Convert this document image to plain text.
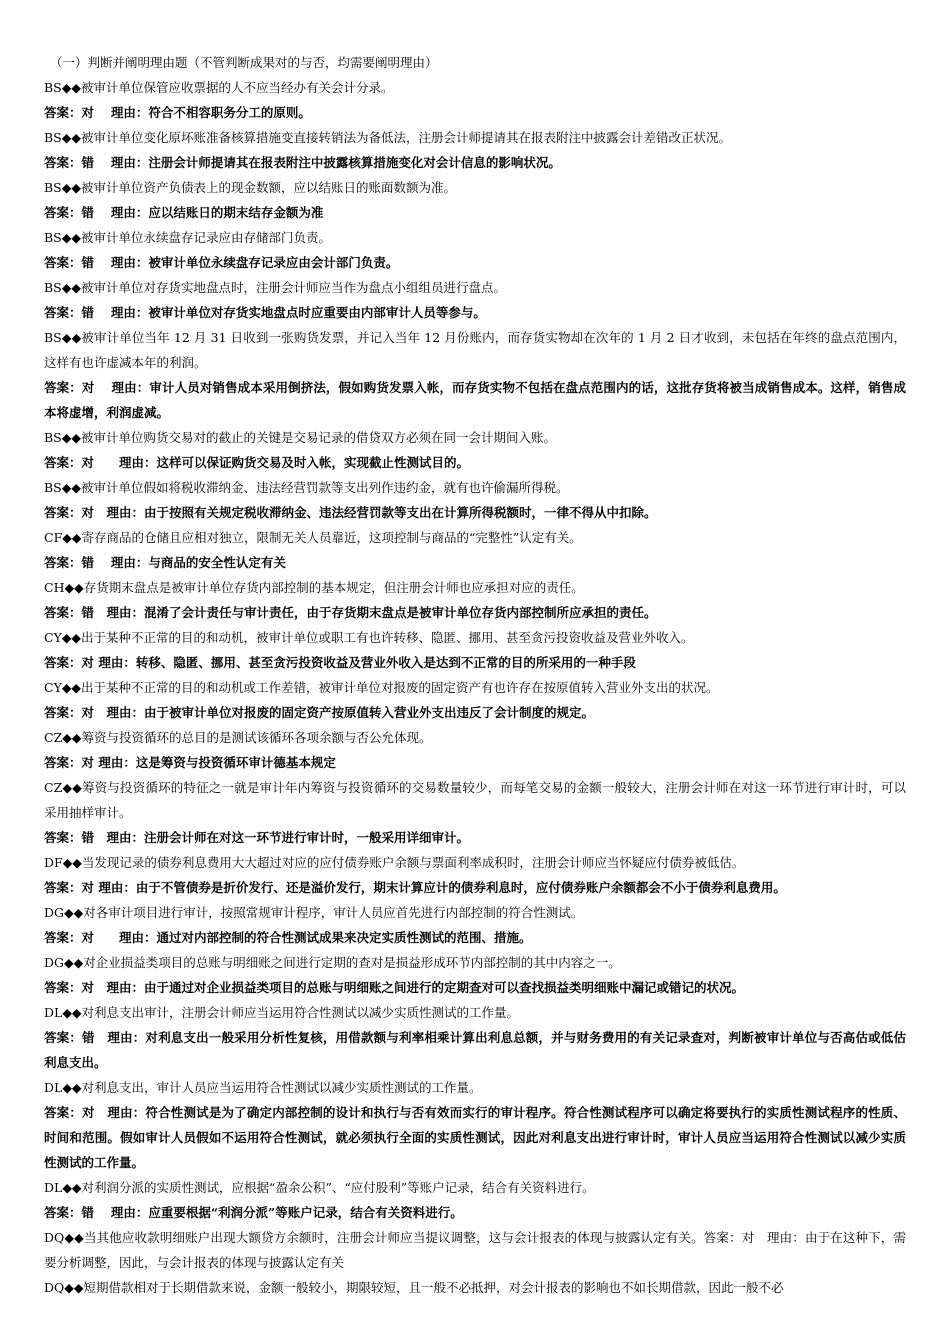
（一）判断并阐明理由题（不管判断成果对的与否，均需要阐明理由）

BS◆◆被审计单位保管应收票据的人不应当经办有关会计分录。

答案：对　 理由：符合不相容职务分工的原则。

BS◆◆被审计单位变化原坏账准备核算措施变直接转销法为备低法，注册会计师提请其在报表附注中披露会计差错改正状况。

答案：错　 理由：注册会计师提请其在报表附注中披露核算措施变化对会计信息的影响状况。

BS◆◆被审计单位资产负债表上的现金数额，应以结账日的账面数额为准。

答案：错　 理由：应以结账日的期末结存金额为准

BS◆◆被审计单位永续盘存记录应由存储部门负责。

答案：错　 理由：被审计单位永续盘存记录应由会计部门负责。

BS◆◆被审计单位对存货实地盘点时，注册会计师应当作为盘点小组组员进行盘点。

答案：错　 理由：被审计单位对存货实地盘点时应重要由内部审计人员等参与。

BS◆◆被审计单位当年 12 月 31 日收到一张购货发票，并记入当年 12 月份账内，而存货实物却在次年的 1 月 2 日才收到，未包括在年终的盘点范围内，这样有也许虚减本年的利润。

答案：对　 理由：审计人员对销售成本采用倒挤法，假如购货发票入帐，而存货实物不包括在盘点范围内的话，这批存货将被当成销售成本。这样，销售成本将虚增，利润虚减。

BS◆◆被审计单位购货交易对的截止的关键是交易记录的借贷双方必须在同一会计期间入账。

答案：对　　理由：这样可以保证购货交易及时入帐，实现截止性测试目的。

BS◆◆被审计单位假如将税收滞纳金、违法经营罚款等支出列作违约金，就有也许偷漏所得税。

答案：对　理由：由于按照有关规定税收滞纳金、违法经营罚款等支出在计算所得税额时，一律不得从中扣除。

CF◆◆寄存商品的仓储且应相对独立，限制无关人员靠近，这项控制与商品的“完整性”认定有关。

答案：错　 理由：与商品的安全性认定有关

CH◆◆存货期末盘点是被审计单位存货内部控制的基本规定，但注册会计师也应承担对应的责任。

答案：错　理由：混淆了会计责任与审计责任，由于存货期末盘点是被审计单位存货内部控制所应承担的责任。

CY◆◆出于某种不正常的目的和动机，被审计单位或职工有也许转移、隐匿、挪用、甚至贪污投资收益及营业外收入。

答案：对 理由：转移、隐匿、挪用、甚至贪污投资收益及营业外收入是达到不正常的目的所采用的一种手段

CY◆◆出于某种不正常的目的和动机或工作差错，被审计单位对报废的固定资产有也许存在按原值转入营业外支出的状况。

答案：对　理由：由于被审计单位对报废的固定资产按原值转入营业外支出违反了会计制度的规定。

CZ◆◆筹资与投资循环的总目的是测试该循环各项余额与否公允体现。

答案：对 理由：这是筹资与投资循环审计德基本规定

CZ◆◆筹资与投资循环的特征之一就是审计年内筹资与投资循环的交易数量较少，而每笔交易的金额一般较大，注册会计师在对这一环节进行审计时，可以采用抽样审计。

答案：错　理由：注册会计师在对这一环节进行审计时，一般采用详细审计。

DF◆◆当发现记录的债券利息费用大大超过对应的应付债券账户余额与票面利率成积时，注册会计师应当怀疑应付债券被低估。

答案：对 理由：由于不管债券是折价发行、还是溢价发行，期末计算应计的债券利息时，应付债券账户余额都会不小于债券利息费用。

DG◆◆对各审计项目进行审计，按照常规审计程序，审计人员应首先进行内部控制的符合性测试。

答案：对　　理由：通过对内部控制的符合性测试成果来决定实质性测试的范围、措施。

DG◆◆对企业损益类项目的总账与明细账之间进行定期的查对是损益形成环节内部控制的其中内容之一。

答案：对　理由：由于通过对企业损益类项目的总账与明细账之间进行的定期查对可以查找损益类明细账中漏记或错记的状况。

DL◆◆对利息支出审计，注册会计师应当运用符合性测试以减少实质性测试的工作量。

答案：错　理由：对利息支出一般采用分析性复核，用借款额与利率相乘计算出利息总额，并与财务费用的有关记录查对，判断被审计单位与否高估或低估利息支出。

DL◆◆对利息支出，审计人员应当运用符合性测试以减少实质性测试的工作量。

答案：对　理由：符合性测试是为了确定内部控制的设计和执行与否有效而实行的审计程序。符合性测试程序可以确定将要执行的实质性测试程序的性质、时间和范围。假如审计人员假如不运用符合性测试，就必须执行全面的实质性测试，因此对利息支出进行审计时，审计人员应当运用符合性测试以减少实质性测试的工作量。

DL◆◆对利润分派的实质性测试，应根据“盈余公积”、“应付股利”等账户记录，结合有关资料进行。

答案：错　 理由：应重要根据“利润分派”等账户记录，结合有关资料进行。

DQ◆◆当其他应收款明细账户出现大额贷方余额时，注册会计师应当提议调整，这与会计报表的体现与披露认定有关。答案：对　理由：由于在这种下，需要分析调整，因此，与会计报表的体现与披露认定有关

DQ◆◆短期借款相对于长期借款来说，金额一般较小，期限较短，且一般不必抵押，对会计报表的影响也不如长期借款，因此一般不必
